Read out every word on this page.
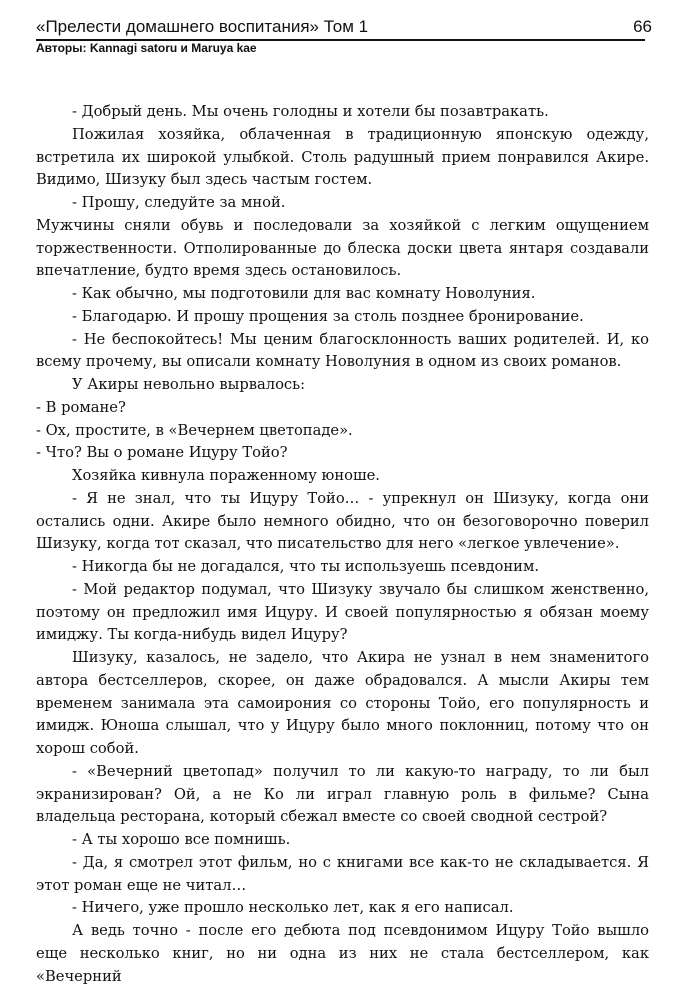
«Прелести домашнего воспитания» Том 1	66
Авторы: Kannagi satoru и Maruya kae

- Добрый день. Мы очень голодны и хотели бы позавтракать.

Пожилая хозяйка, облаченная в традиционную японскую одежду, встретила их широкой улыбкой. Столь радушный прием понравился Акире. Видимо, Шизуку был здесь частым гостем.

- Прошу, следуйте за мной.

Мужчины сняли обувь и последовали за хозяйкой с легким ощущением торжественности. Отполированные до блеска доски цвета янтаря создавали впечатление, будто время здесь остановилось.

- Как обычно, мы подготовили для вас комнату Новолуния.

- Благодарю. И прошу прощения за столь позднее бронирование.

- Не беспокойтесь! Мы ценим благосклонность ваших родителей. И, ко всему прочему, вы описали комнату Новолуния в одном из своих романов.

У Акиры невольно вырвалось:

- В романе?

- Ох, простите, в «Вечернем цветопаде».

- Что? Вы о романе Ицуру Тойо?

Хозяйка кивнула пораженному юноше.

- Я не знал, что ты Ицуру Тойо… - упрекнул он Шизуку, когда они остались одни. Акире было немного обидно, что он безоговорочно поверил Шизуку, когда тот сказал, что писательство для него «легкое увлечение».

- Никогда бы не догадался, что ты используешь псевдоним.

- Мой редактор подумал, что Шизуку звучало бы слишком женственно, поэтому он предложил имя Ицуру. И своей популярностью я обязан моему имиджу. Ты когда-нибудь видел Ицуру?

Шизуку, казалось, не задело, что Акира не узнал в нем знаменитого автора бестселлеров, скорее, он даже обрадовался. А мысли Акиры тем временем занимала эта самоирония со стороны Тойо, его популярность и имидж. Юноша слышал, что у Ицуру было много поклонниц, потому что он хорош собой.

- «Вечерний цветопад» получил то ли какую-то награду, то ли был экранизирован? Ой, а не Ко ли играл главную роль в фильме? Сына владельца ресторана, который сбежал вместе со своей сводной сестрой?

- А ты хорошо все помнишь.

- Да, я смотрел этот фильм, но с книгами все как-то не складывается. Я этот роман еще не читал…

- Ничего, уже прошло несколько лет, как я его написал.

А ведь точно - после его дебюта под псевдонимом Ицуру Тойо вышло еще несколько книг, но ни одна из них не стала бестселлером, как «Вечерний
